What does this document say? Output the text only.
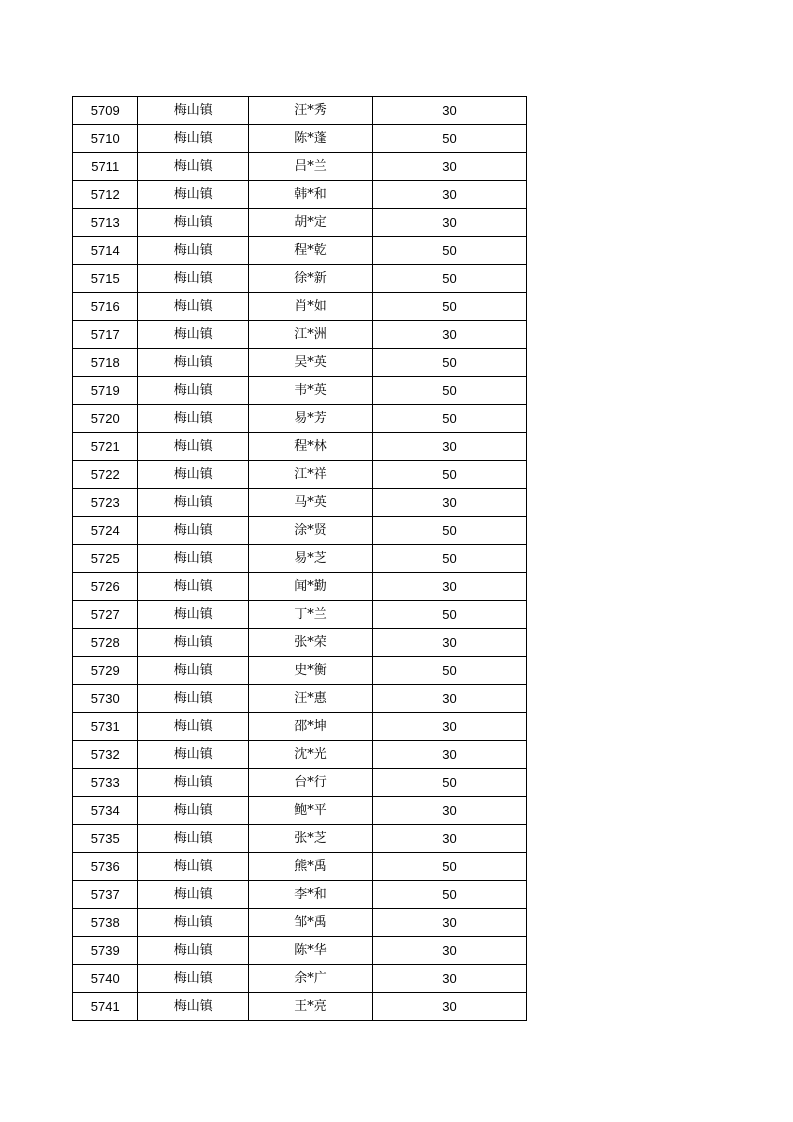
5709	梅山镇	汪*秀	30
5710	梅山镇	陈*蓬	50
5711	梅山镇	吕*兰	30
5712	梅山镇	韩*和	30
5713	梅山镇	胡*定	30
5714	梅山镇	程*乾	50
5715	梅山镇	徐*新	50
5716	梅山镇	肖*如	50
5717	梅山镇	江*洲	30
5718	梅山镇	吴*英	50
5719	梅山镇	韦*英	50
5720	梅山镇	易*芳	50
5721	梅山镇	程*林	30
5722	梅山镇	江*祥	50
5723	梅山镇	马*英	30
5724	梅山镇	涂*贤	50
5725	梅山镇	易*芝	50
5726	梅山镇	闻*勤	30
5727	梅山镇	丁*兰	50
5728	梅山镇	张*荣	30
5729	梅山镇	史*衡	50
5730	梅山镇	汪*惠	30
5731	梅山镇	邵*坤	30
5732	梅山镇	沈*光	30
5733	梅山镇	台*行	50
5734	梅山镇	鲍*平	30
5735	梅山镇	张*芝	30
5736	梅山镇	熊*禹	50
5737	梅山镇	李*和	50
5738	梅山镇	邹*禹	30
5739	梅山镇	陈*华	30
5740	梅山镇	余*广	30
5741	梅山镇	王*亮	30
